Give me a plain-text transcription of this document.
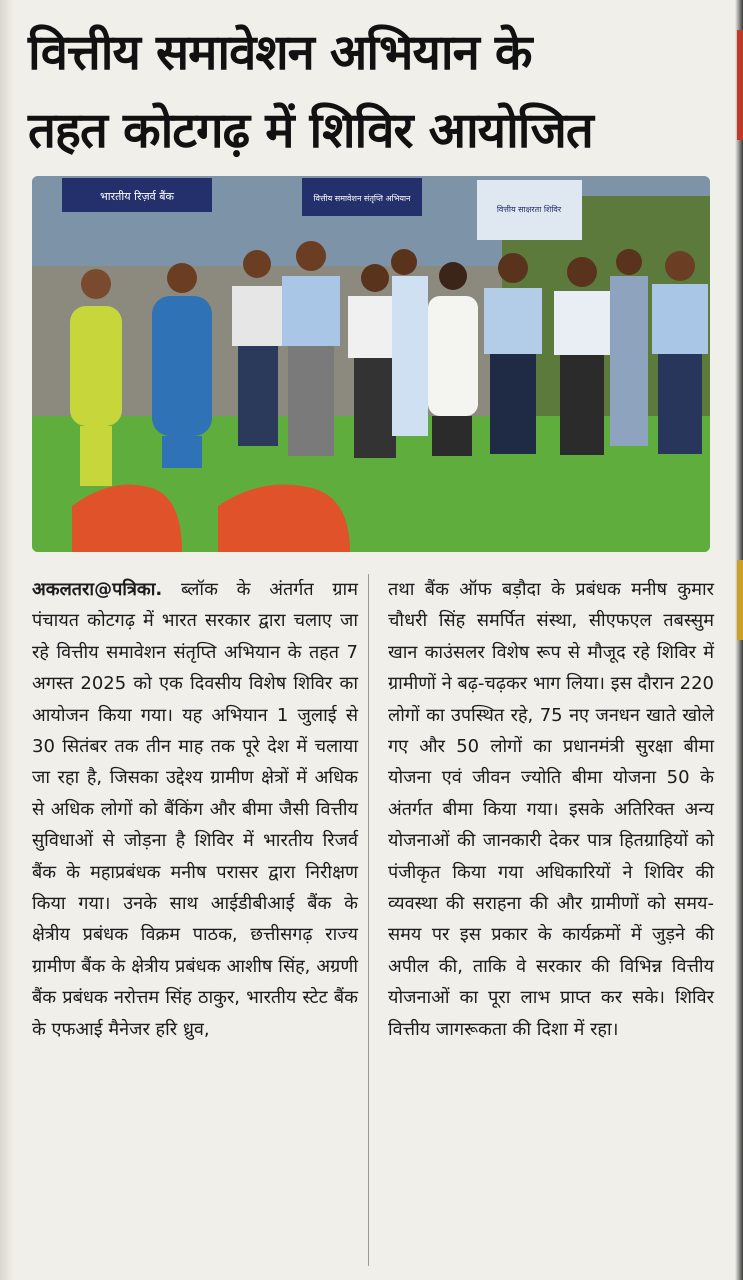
वित्तीय समावेशन अभियान के
तहत कोटगढ़ में शिविर आयोजित
भारतीय रिज़र्व बैंक	वित्तीय समावेशन संतृप्ति अभियान
वित्तीय साक्षरता शिविर

अकलतरा@पत्रिका. ब्लॉक के अंतर्गत ग्राम पंचायत कोटगढ़ में भारत सरकार द्वारा चलाए जा रहे वित्तीय समावेशन संतृप्ति अभियान के तहत 7 अगस्त 2025 को एक दिवसीय विशेष शिविर का आयोजन किया गया। यह अभियान 1 जुलाई से 30 सितंबर तक तीन माह तक पूरे देश में चलाया जा रहा है, जिसका उद्देश्य ग्रामीण क्षेत्रों में अधिक से अधिक लोगों को बैंकिंग और बीमा जैसी वित्तीय सुविधाओं से जोड़ना है शिविर में भारतीय रिजर्व बैंक के महाप्रबंधक मनीष परासर द्वारा निरीक्षण किया गया। उनके साथ आईडीबीआई बैंक के क्षेत्रीय प्रबंधक विक्रम पाठक, छत्तीसगढ़ राज्य ग्रामीण बैंक के क्षेत्रीय प्रबंधक आशीष सिंह, अग्रणी बैंक प्रबंधक नरोत्तम सिंह ठाकुर, भारतीय स्टेट बैंक के एफआई मैनेजर हरि ध्रुव,

तथा बैंक ऑफ बड़ौदा के प्रबंधक मनीष कुमार चौधरी सिंह समर्पित संस्था, सीएफएल तबस्सुम खान काउंसलर विशेष रूप से मौजूद रहे शिविर में ग्रामीणों ने बढ़-चढ़कर भाग लिया। इस दौरान 220 लोगों का उपस्थित रहे, 75 नए जनधन खाते खोले गए और 50 लोगों का प्रधानमंत्री सुरक्षा बीमा योजना एवं जीवन ज्योति बीमा योजना 50 के अंतर्गत बीमा किया गया। इसके अतिरिक्त अन्य योजनाओं की जानकारी देकर पात्र हितग्राहियों को पंजीकृत किया गया अधिकारियों ने शिविर की व्यवस्था की सराहना की और ग्रामीणों को समय-समय पर इस प्रकार के कार्यक्रमों में जुड़ने की अपील की, ताकि वे सरकार की विभिन्न वित्तीय योजनाओं का पूरा लाभ प्राप्त कर सके। शिविर वित्तीय जागरूकता की दिशा में रहा।
